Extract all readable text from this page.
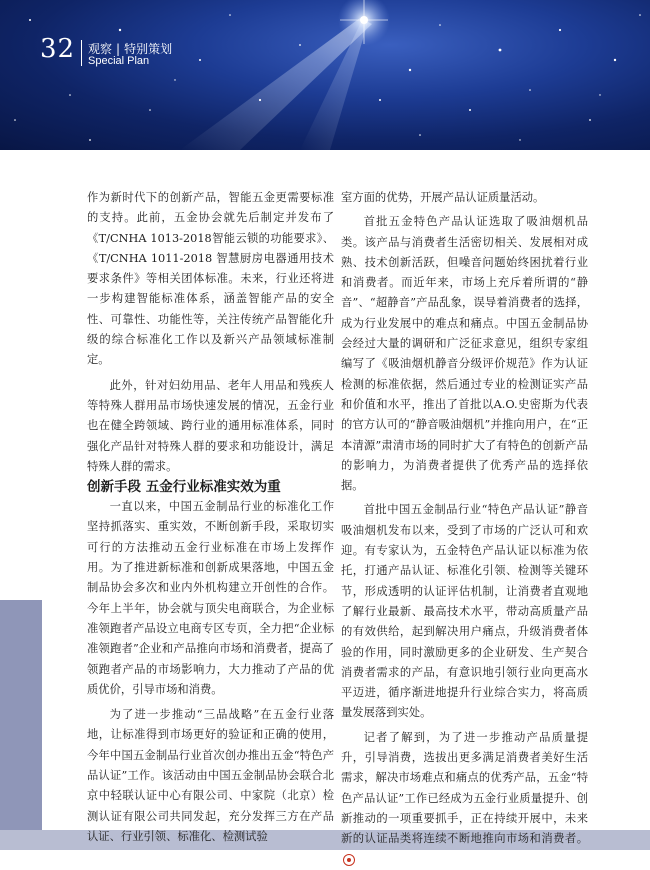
32 观察 | 特别策划
Special Plan

作为新时代下的创新产品，智能五金更需要标准的支持。此前，五金协会就先后制定并发布了《T/CNHA 1013-2018智能云锁的功能要求》、《T/CNHA 1011-2018 智慧厨房电器通用技术要求条件》等相关团体标准。未来，行业还将进一步构建智能标准体系，涵盖智能产品的安全性、可靠性、功能性等，关注传统产品智能化升级的综合标准化工作以及新兴产品领域标准制定。

此外，针对妇幼用品、老年人用品和残疾人等特殊人群用品市场快速发展的情况，五金行业也在健全跨领域、跨行业的通用标准体系，同时强化产品针对特殊人群的要求和功能设计，满足特殊人群的需求。

创新手段 五金行业标准实效为重

一直以来，中国五金制品行业的标准化工作坚持抓落实、重实效，不断创新手段，采取切实可行的方法推动五金行业标准在市场上发挥作用。为了推进新标准和创新成果落地，中国五金制品协会多次和业内外机构建立开创性的合作。今年上半年，协会就与顶尖电商联合，为企业标准领跑者产品设立电商专区专页，全力把“企业标准领跑者”企业和产品推向市场和消费者，提高了领跑者产品的市场影响力，大力推动了产品的优质优价，引导市场和消费。

为了进一步推动“三品战略”在五金行业落地，让标准得到市场更好的验证和正确的使用，今年中国五金制品行业首次创办推出五金“特色产品认证”工作。该活动由中国五金制品协会联合北京中轻联认证中心有限公司、中家院（北京）检测认证有限公司共同发起，充分发挥三方在产品认证、行业引领、标准化、检测试验

室方面的优势，开展产品认证质量活动。

首批五金特色产品认证选取了吸油烟机品类。该产品与消费者生活密切相关、发展相对成熟、技术创新活跃，但噪音问题始终困扰着行业和消费者。而近年来，市场上充斥着所谓的“静音”、“超静音”产品乱象，误导着消费者的选择，成为行业发展中的难点和痛点。中国五金制品协会经过大量的调研和广泛征求意见，组织专家组编写了《吸油烟机静音分级评价规范》作为认证检测的标准依据，然后通过专业的检测证实产品和价值和水平，推出了首批以A.O.史密斯为代表的官方认可的“静音吸油烟机”并推向用户，在“正本清源”肃清市场的同时扩大了有特色的创新产品的影响力，为消费者提供了优秀产品的选择依据。

首批中国五金制品行业“特色产品认证”静音吸油烟机发布以来，受到了市场的广泛认可和欢迎。有专家认为，五金特色产品认证以标准为依托，打通产品认证、标准化引领、检测等关键环节，形成透明的认证评估机制，让消费者直观地了解行业最新、最高技术水平，带动高质量产品的有效供给，起到解决用户痛点，升级消费者体验的作用，同时激励更多的企业研发、生产契合消费者需求的产品，有意识地引领行业向更高水平迈进，循序渐进地提升行业综合实力，将高质量发展落到实处。

记者了解到，为了进一步推动产品质量提升，引导消费，选拔出更多满足消费者美好生活需求，解决市场难点和痛点的优秀产品，五金“特色产品认证”工作已经成为五金行业质量提升、创新推动的一项重要抓手，正在持续开展中，未来新的认证品类将连续不断地推向市场和消费者。
